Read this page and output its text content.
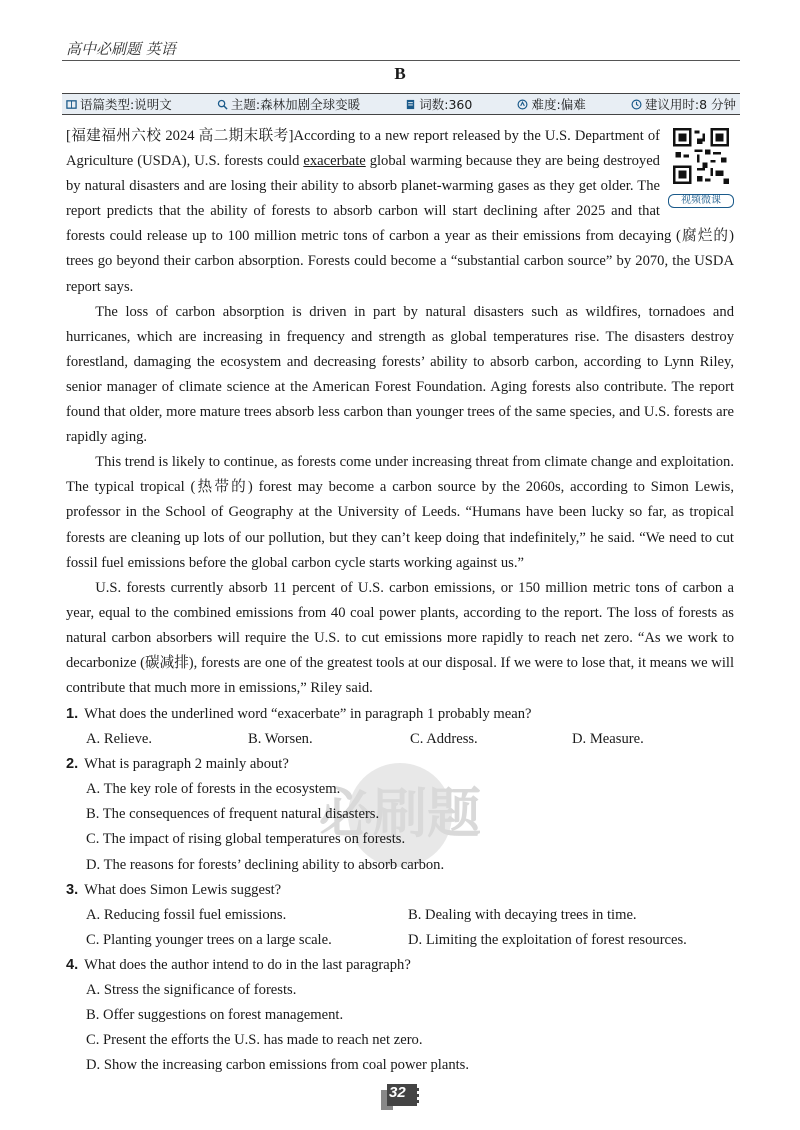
高中必刷题 英语
B
语篇类型:说明文	主题:森林加剧全球变暖	词数:360	难度:偏难	建议用时:8 分钟

视频微课
[福建福州六校 2024 高二期末联考]According to a new report released by the U.S. Department of Agriculture (USDA), U.S. forests could exacerbate global warming because they are being destroyed by natural disasters and are losing their ability to absorb planet-warming gases as they get older. The report predicts that the ability of forests to absorb carbon will start declining after 2025 and that forests could release up to 100 million metric tons of carbon a year as their emissions from decaying (腐烂的) trees go beyond their carbon absorption. Forests could become a “substantial carbon source” by 2070, the USDA report says.

The loss of carbon absorption is driven in part by natural disasters such as wildfires, tornadoes and hurricanes, which are increasing in frequency and strength as global temperatures rise. The disasters destroy forestland, damaging the ecosystem and decreasing forests’ ability to absorb carbon, according to Lynn Riley, senior manager of climate science at the American Forest Foundation. Aging forests also contribute. The report found that older, more mature trees absorb less carbon than younger trees of the same species, and U.S. forests are rapidly aging.

This trend is likely to continue, as forests come under increasing threat from climate change and exploitation. The typical tropical (热带的) forest may become a carbon source by the 2060s, according to Simon Lewis, professor in the School of Geography at the University of Leeds. “Humans have been lucky so far, as tropical forests are cleaning up lots of our pollution, but they can’t keep doing that indefinitely,” he said. “We need to cut fossil fuel emissions before the global carbon cycle starts working against us.”

U.S. forests currently absorb 11 percent of U.S. carbon emissions, or 150 million metric tons of carbon a year, equal to the combined emissions from 40 coal power plants, according to the report. The loss of forests as natural carbon absorbers will require the U.S. to cut emissions more rapidly to reach net zero. “As we work to decarbonize (碳减排), forests are one of the greatest tools at our disposal. If we were to lose that, it means we will contribute that much more in emissions,” Riley said.

必刷题
1. What does the underlined word “exacerbate” in paragraph 1 probably mean?
A. Relieve.	B. Worsen.	C. Address.	D. Measure.
2. What is paragraph 2 mainly about?
A. The key role of forests in the ecosystem.
B. The consequences of frequent natural disasters.
C. The impact of rising global temperatures on forests.
D. The reasons for forests’ declining ability to absorb carbon.
3. What does Simon Lewis suggest?
A. Reducing fossil fuel emissions.	B. Dealing with decaying trees in time.
C. Planting younger trees on a large scale.	D. Limiting the exploitation of forest resources.
4. What does the author intend to do in the last paragraph?
A. Stress the significance of forests.
B. Offer suggestions on forest management.
C. Present the efforts the U.S. has made to reach net zero.
D. Show the increasing carbon emissions from coal power plants.
32
